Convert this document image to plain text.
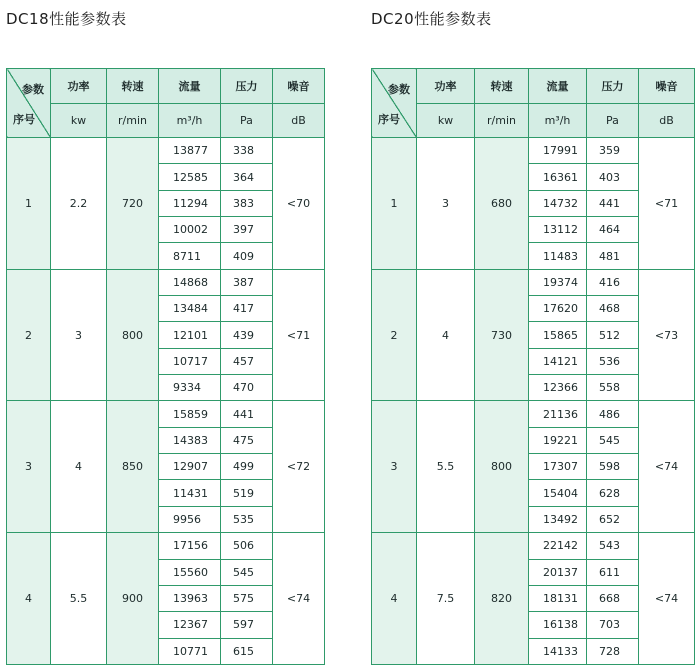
DC18性能参数表	DC20性能参数表
参数
序号	功率	转速	流量	压力	噪音
	kw	r/min	m³/h	Pa	dB
1	2.2	720	13877	338	<70
			12585	364	
			11294	383	
			10002	397	
			8711	409	
2	3	800	14868	387	<71
			13484	417	
			12101	439	
			10717	457	
			9334	470	
3	4	850	15859	441	<72
			14383	475	
			12907	499	
			11431	519	
			9956	535	
4	5.5	900	17156	506	<74
			15560	545	
			13963	575	
			12367	597	
			10771	615	
参数
序号	功率	转速	流量	压力	噪音
	kw	r/min	m³/h	Pa	dB
1	3	680	17991	359	<71
			16361	403	
			14732	441	
			13112	464	
			11483	481	
2	4	730	19374	416	<73
			17620	468	
			15865	512	
			14121	536	
			12366	558	
3	5.5	800	21136	486	<74
			19221	545	
			17307	598	
			15404	628	
			13492	652	
4	7.5	820	22142	543	<74
			20137	611	
			18131	668	
			16138	703	
			14133	728	
